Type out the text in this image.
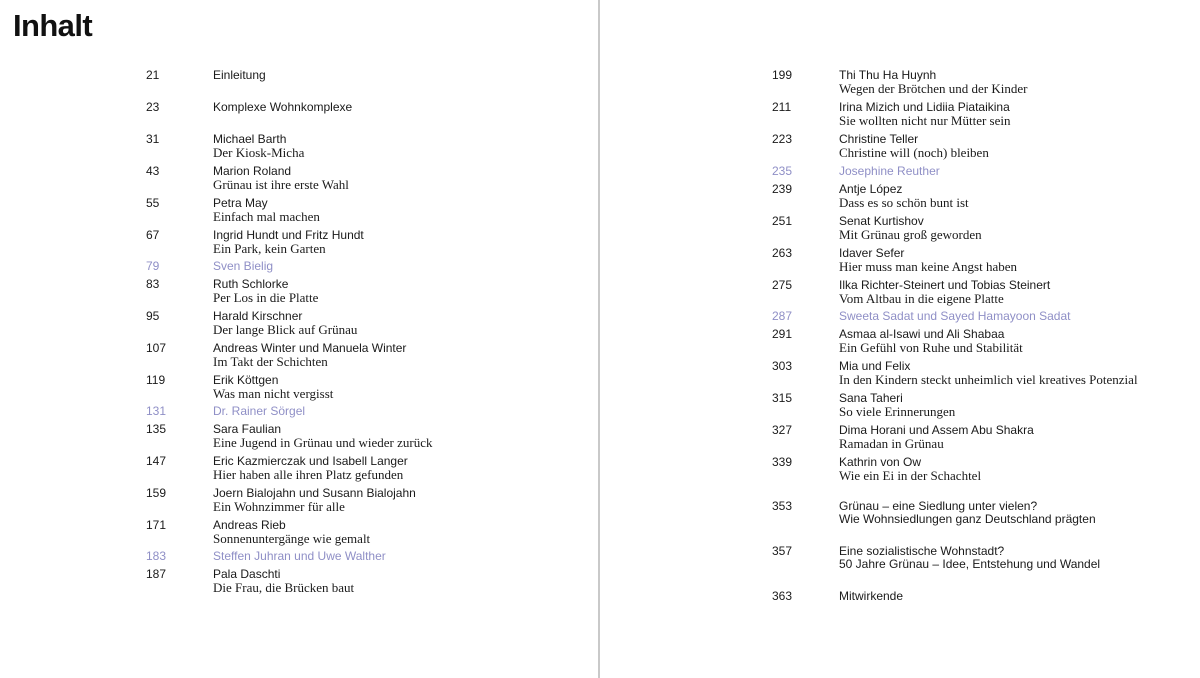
Inhalt
21	Einleitung
23	Komplexe Wohnkomplexe
31	Michael Barth
Der Kiosk-Micha
43	Marion Roland
Grünau ist ihre erste Wahl
55	Petra May
Einfach mal machen
67	Ingrid Hundt und Fritz Hundt
Ein Park, kein Garten
79	Sven Bielig
83	Ruth Schlorke
Per Los in die Platte
95	Harald Kirschner
Der lange Blick auf Grünau
107	Andreas Winter und Manuela Winter
Im Takt der Schichten
119	Erik Köttgen
Was man nicht vergisst
131	Dr. Rainer Sörgel
135	Sara Faulian
Eine Jugend in Grünau und wieder zurück
147	Eric Kazmierczak und Isabell Langer
Hier haben alle ihren Platz gefunden
159	Joern Bialojahn und Susann Bialojahn
Ein Wohnzimmer für alle
171	Andreas Rieb
Sonnenuntergänge wie gemalt
183	Steffen Juhran und Uwe Walther
187	Pala Daschti
Die Frau, die Brücken baut
199	Thi Thu Ha Huynh
Wegen der Brötchen und der Kinder
211	Irina Mizich und Lidiia Piataikina
Sie wollten nicht nur Mütter sein
223	Christine Teller
Christine will (noch) bleiben
235	Josephine Reuther
239	Antje López
Dass es so schön bunt ist
251	Senat Kurtishov
Mit Grünau groß geworden
263	Idaver Sefer
Hier muss man keine Angst haben
275	Ilka Richter-Steinert und Tobias Steinert
Vom Altbau in die eigene Platte
287	Sweeta Sadat und Sayed Hamayoon Sadat
291	Asmaa al-Isawi und Ali Shabaa
Ein Gefühl von Ruhe und Stabilität
303	Mia und Felix
In den Kindern steckt unheimlich viel kreatives Potenzial
315	Sana Taheri
So viele Erinnerungen
327	Dima Horani und Assem Abu Shakra
Ramadan in Grünau
339	Kathrin von Ow
Wie ein Ei in der Schachtel
353	Grünau – eine Siedlung unter vielen?
Wie Wohnsiedlungen ganz Deutschland prägten
357	Eine sozialistische Wohnstadt?
50 Jahre Grünau – Idee, Entstehung und Wandel
363	Mitwirkende
